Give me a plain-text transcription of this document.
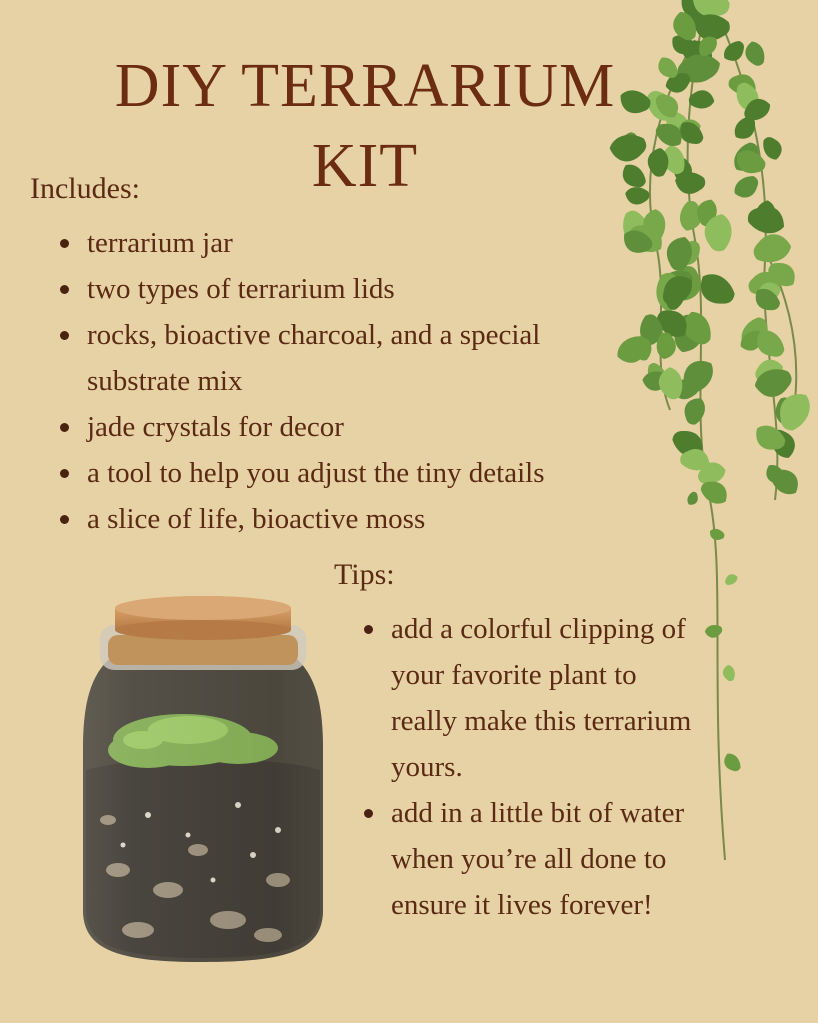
DIY TERRARIUM KIT
Includes:
terrarium jar
two types of terrarium lids
rocks, bioactive charcoal, and a special substrate mix
jade crystals for decor
a tool to help you adjust the tiny details
a slice of life, bioactive moss
Tips:
add a colorful clipping of your favorite plant to really make this terrarium yours.
add in a little bit of water when you’re all done to ensure it lives forever!
